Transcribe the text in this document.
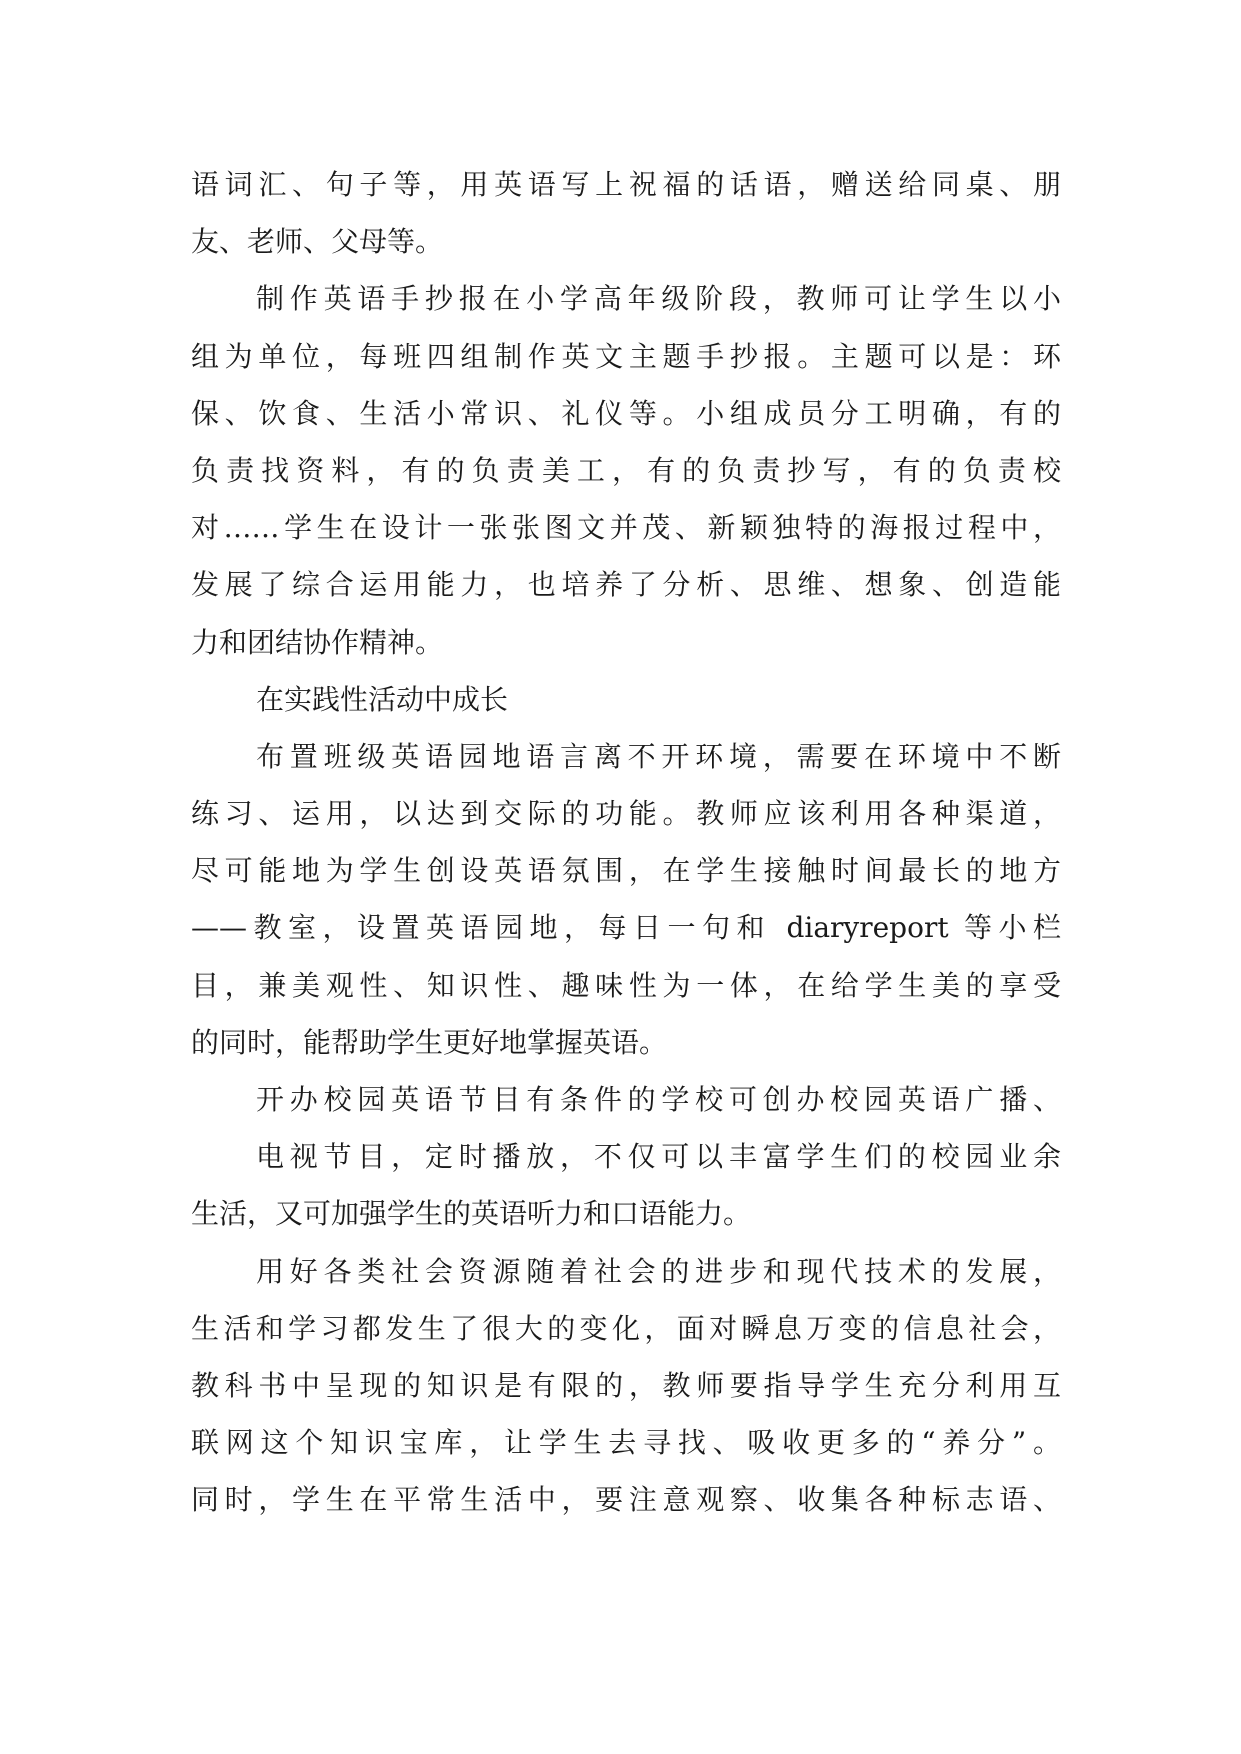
语词汇、句子等，用英语写上祝福的话语，赠送给同桌、朋
友、老师、父母等。
制作英语手抄报在小学高年级阶段，教师可让学生以小
组为单位，每班四组制作英文主题手抄报。主题可以是：环
保、饮食、生活小常识、礼仪等。小组成员分工明确，有的
负责找资料，有的负责美工，有的负责抄写，有的负责校
对……学生在设计一张张图文并茂、新颖独特的海报过程中，
发展了综合运用能力，也培养了分析、思维、想象、创造能
力和团结协作精神。
在实践性活动中成长
布置班级英语园地语言离不开环境，需要在环境中不断
练习、运用，以达到交际的功能。教师应该利用各种渠道，
尽可能地为学生创设英语氛围，在学生接触时间最长的地方
——教室，设置英语园地，每日一句和 diaryreport 等小栏
目，兼美观性、知识性、趣味性为一体，在给学生美的享受
的同时，能帮助学生更好地掌握英语。
开办校园英语节目有条件的学校可创办校园英语广播、
电视节目，定时播放，不仅可以丰富学生们的校园业余
生活，又可加强学生的英语听力和口语能力。
用好各类社会资源随着社会的进步和现代技术的发展，
生活和学习都发生了很大的变化，面对瞬息万变的信息社会，
教科书中呈现的知识是有限的，教师要指导学生充分利用互
联网这个知识宝库，让学生去寻找、吸收更多的“养分”。
同时，学生在平常生活中，要注意观察、收集各种标志语、
